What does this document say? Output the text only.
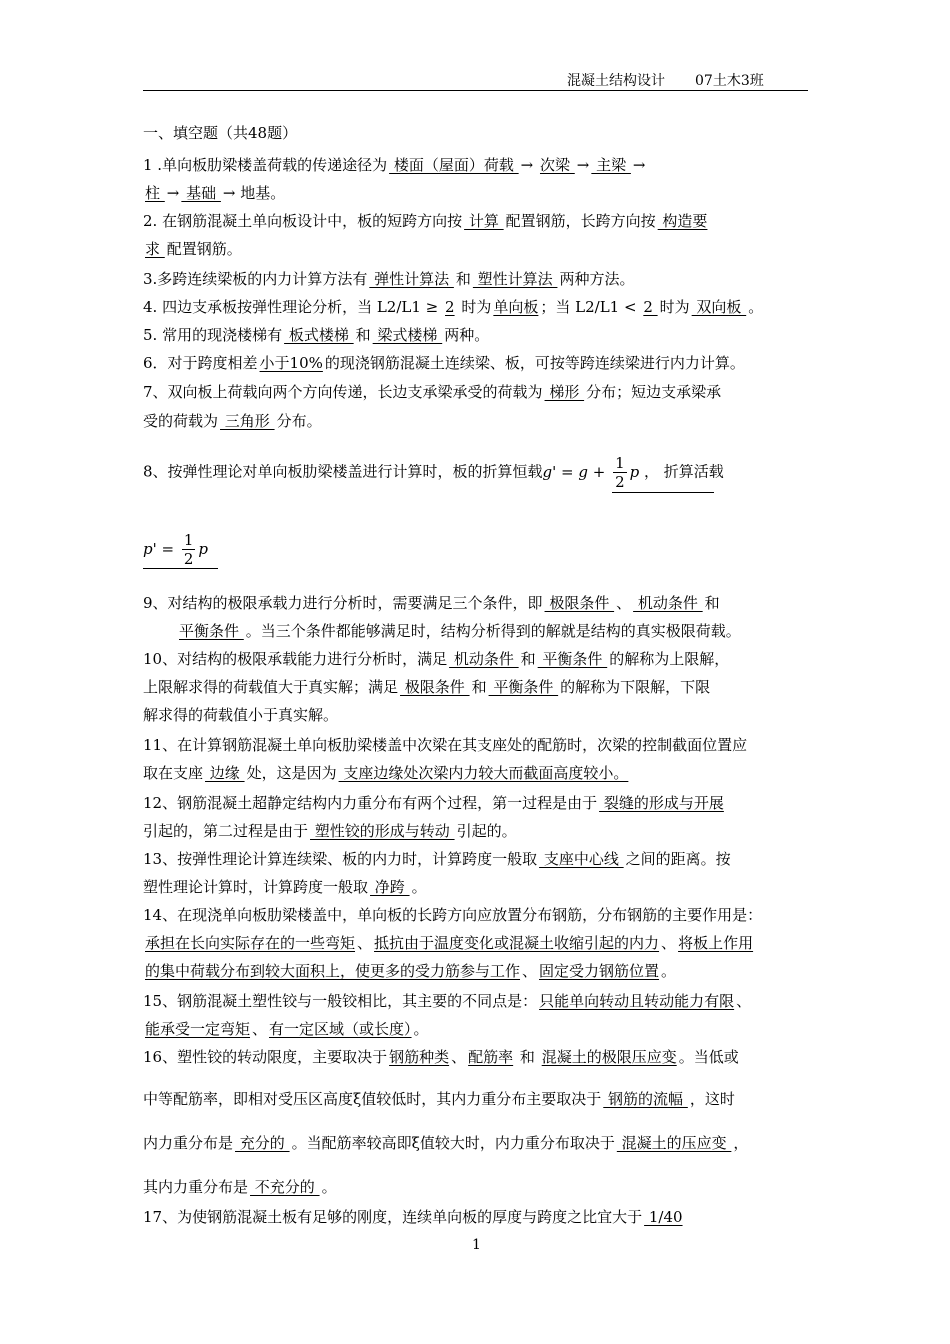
混凝土结构设计 07土木3班
一、填空题（共48题）
1 .单向板肋梁楼盖荷载的传递途径为 楼面（屋面）荷载 → 次梁 → 主梁 →
柱 → 基础 → 地基。
2. 在钢筋混凝土单向板设计中，板的短跨方向按 计算 配置钢筋，长跨方向按 构造要
求 配置钢筋。
3.多跨连续梁板的内力计算方法有 弹性计算法 和 塑性计算法 两种方法。
4. 四边支承板按弹性理论分析，当 L2/L1 ≥ 2 时为 单向板 ；当 L2/L1 < 2 时为 双向板 。
5. 常用的现浇楼梯有 板式楼梯 和 梁式楼梯 两种。
6．对于跨度相差 小于10% 的现浇钢筋混凝土连续梁、板，可按等跨连续梁进行内力计算。
7、双向板上荷载向两个方向传递，长边支承梁承受的荷载为 梯形 分布；短边支承梁承
受的荷载为 三角形 分布。
8、按弹性理论对单向板肋梁楼盖进行计算时，板的折算恒载$g' = g + \frac{1}{2}$ p ， 折算活载
$p' = \frac{1}{2}$ p
9、对结构的极限承载力进行分析时，需要满足三个条件，即 极限条件 、 机动条件 和
平衡条件 。当三个条件都能够满足时，结构分析得到的解就是结构的真实极限荷载。
10、对结构的极限承载能力进行分析时，满足 机动条件 和 平衡条件 的解称为上限解，
上限解求得的荷载值大于真实解；满足 极限条件 和 平衡条件 的解称为下限解，下限
解求得的荷载值小于真实解。
11、在计算钢筋混凝土单向板肋梁楼盖中次梁在其支座处的配筋时，次梁的控制截面位置应
取在支座 边缘 处，这是因为 支座边缘处次梁内力较大而截面高度较小。
12、钢筋混凝土超静定结构内力重分布有两个过程，第一过程是由于 裂缝的形成与开展
引起的，第二过程是由于 塑性铰的形成与转动 引起的。
13、按弹性理论计算连续梁、板的内力时，计算跨度一般取 支座中心线 之间的距离。按
塑性理论计算时，计算跨度一般取 净跨 。
14、在现浇单向板肋梁楼盖中，单向板的长跨方向应放置分布钢筋，分布钢筋的主要作用是：
承担在长向实际存在的一些弯矩 、 抵抗由于温度变化或混凝土收缩引起的内力 、 将板上作用
的集中荷载分布到较大面积上，使更多的受力筋参与工作 、 固定受力钢筋位置 。
15、钢筋混凝土塑性铰与一般铰相比，其主要的不同点是： 只能单向转动且转动能力有限 、
能承受一定弯矩 、 有一定区域（或长度） 。
16、塑性铰的转动限度，主要取决于 钢筋种类 、 配筋率 和 混凝土的极限压应变 。当低或
中等配筋率，即相对受压区高度ξ值较低时，其内力重分布主要取决于 钢筋的流幅 ，这时
内力重分布是 充分的 。当配筋率较高即ξ值较大时，内力重分布取决于 混凝土的压应变 ，
其内力重分布是 不充分的 。
17、为使钢筋混凝土板有足够的刚度，连续单向板的厚度与跨度之比宜大于 1/40
1
